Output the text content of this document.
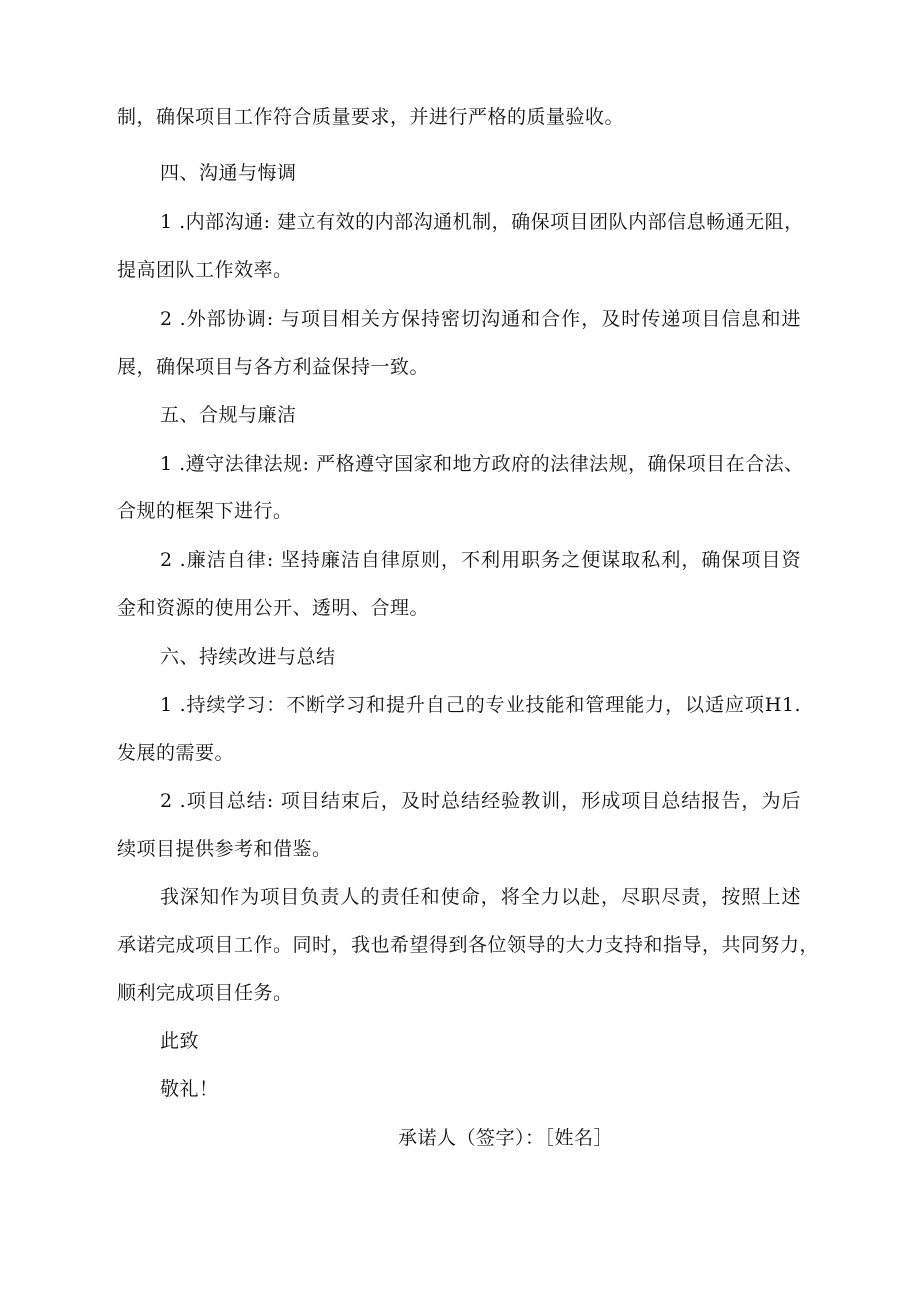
制，确保项目工作符合质量要求，并进行严格的质量验收。
四、沟通与悔调
1 .内部沟通: 建立有效的内部沟通机制，确保项目团队内部信息畅通无阻，
提高团队工作效率。
2 .外部协调: 与项目相关方保持密切沟通和合作，及时传递项目信息和进
展，确保项目与各方利益保持一致。
五、合规与廉洁
1 .遵守法律法规: 严格遵守国家和地方政府的法律法规，确保项目在合法、
合规的框架下进行。
2 .廉洁自律: 坚持廉洁自律原则，不利用职务之便谋取私利，确保项目资
金和资源的使用公开、透明、合理。
六、持续改进与总结
1 .持续学习：不断学习和提升自己的专业技能和管理能力，以适应项H1.
发展的需要。
2 .项目总结: 项目结束后，及时总结经验教训，形成项目总结报告，为后
续项目提供参考和借鉴。
我深知作为项目负责人的责任和使命，将全力以赴，尽职尽责，按照上述
承诺完成项目工作。同时，我也希望得到各位领导的大力支持和指导，共同努力，
顺利完成项目任务。
此致
敬礼！
承诺人（签字）：［姓名］
